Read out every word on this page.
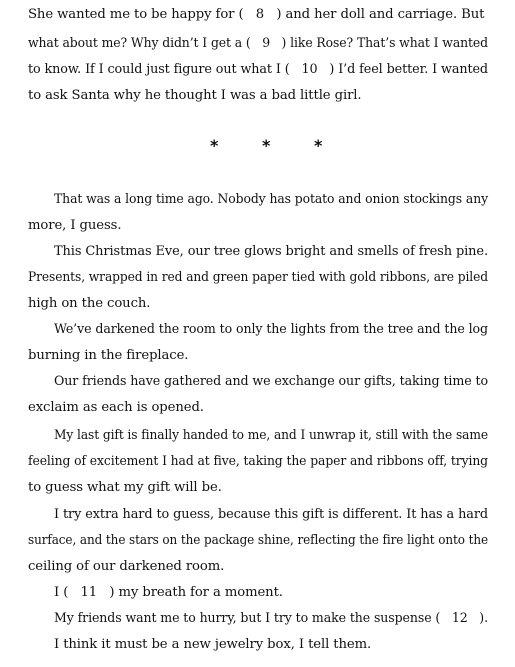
She wanted me to be happy for (   8   ) and her doll and carriage. But
what about me? Why didn’t I get a (   9   ) like Rose? That’s what I wanted
to know. If I could just figure out what I (   10   ) I’d feel better. I wanted
to ask Santa why he thought I was a bad little girl.
*	*	*
That was a long time ago. Nobody has potato and onion stockings any
more, I guess.
This Christmas Eve, our tree glows bright and smells of fresh pine.
Presents, wrapped in red and green paper tied with gold ribbons, are piled
high on the couch.
We’ve darkened the room to only the lights from the tree and the log
burning in the fireplace.
Our friends have gathered and we exchange our gifts, taking time to
exclaim as each is opened.
My last gift is finally handed to me, and I unwrap it, still with the same
feeling of excitement I had at five, taking the paper and ribbons off, trying
to guess what my gift will be.
I try extra hard to guess, because this gift is different. It has a hard
surface, and the stars on the package shine, reflecting the fire light onto the
ceiling of our darkened room.
I (   11   ) my breath for a moment.
My friends want me to hurry, but I try to make the suspense (   12   ).
I think it must be a new jewelry box, I tell them.
